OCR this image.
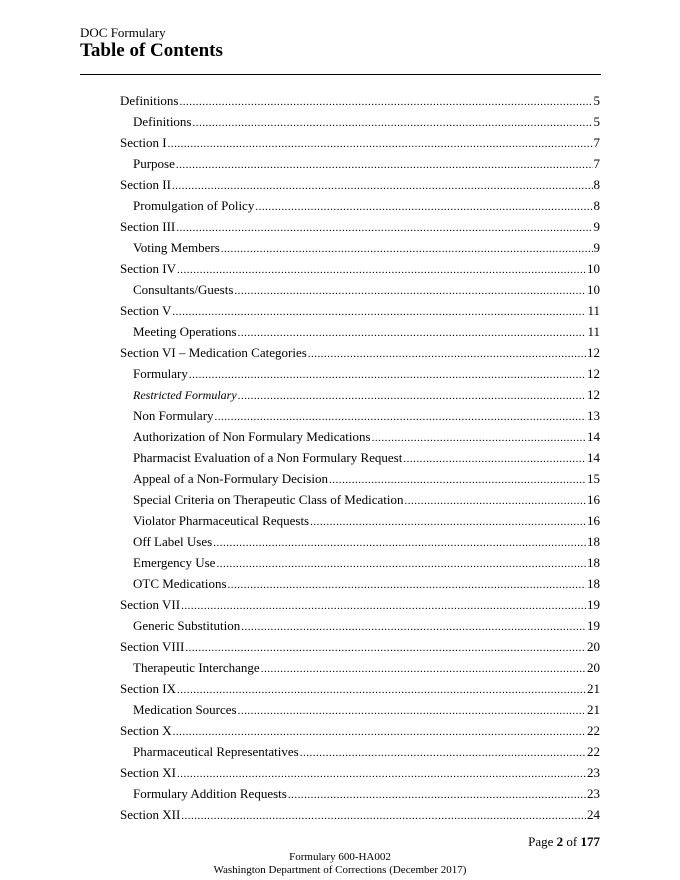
DOC Formulary
Table of Contents
Definitions .....	5
Definitions .....	5
Section I .....	7
Purpose .....	7
Section II .....	8
Promulgation of Policy .....	8
Section III .....	9
Voting Members .....	9
Section IV .....	10
Consultants/Guests .....	10
Section V .....	11
Meeting Operations .....	11
Section VI – Medication Categories .....	12
Formulary .....	12
Restricted Formulary .....	12
Non Formulary .....	13
Authorization of Non Formulary Medications .....	14
Pharmacist Evaluation of a Non Formulary Request .....	14
Appeal of a Non-Formulary Decision .....	15
Special Criteria on Therapeutic Class of Medication .....	16
Violator Pharmaceutical Requests .....	16
Off Label Uses .....	18
Emergency Use .....	18
OTC Medications .....	18
Section VII .....	19
Generic Substitution .....	19
Section VIII .....	20
Therapeutic Interchange .....	20
Section IX .....	21
Medication Sources .....	21
Section X .....	22
Pharmaceutical Representatives .....	22
Section XI .....	23
Formulary Addition Requests .....	23
Section XII .....	24
Page 2 of 177
Formulary 600-HA002
Washington Department of Corrections (December 2017)
